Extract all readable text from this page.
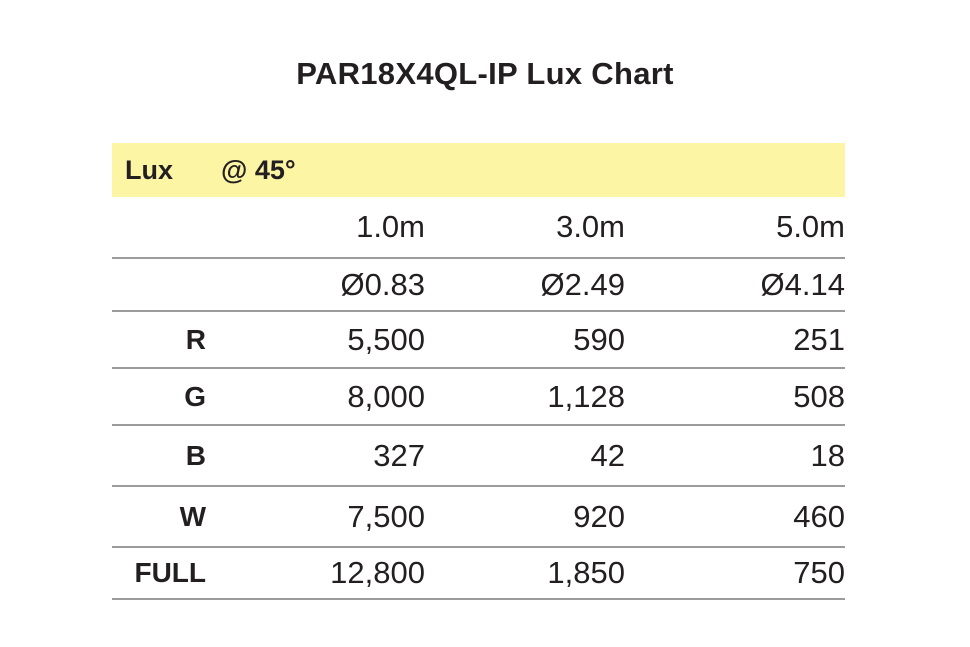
PAR18X4QL-IP Lux Chart
Lux @ 45°
	1.0m	3.0m	5.0m
	Ø0.83	Ø2.49	Ø4.14
R	5,500	590	251
G	8,000	1,128	508
B	327	42	18
W	7,500	920	460
FULL	12,800	1,850	750
